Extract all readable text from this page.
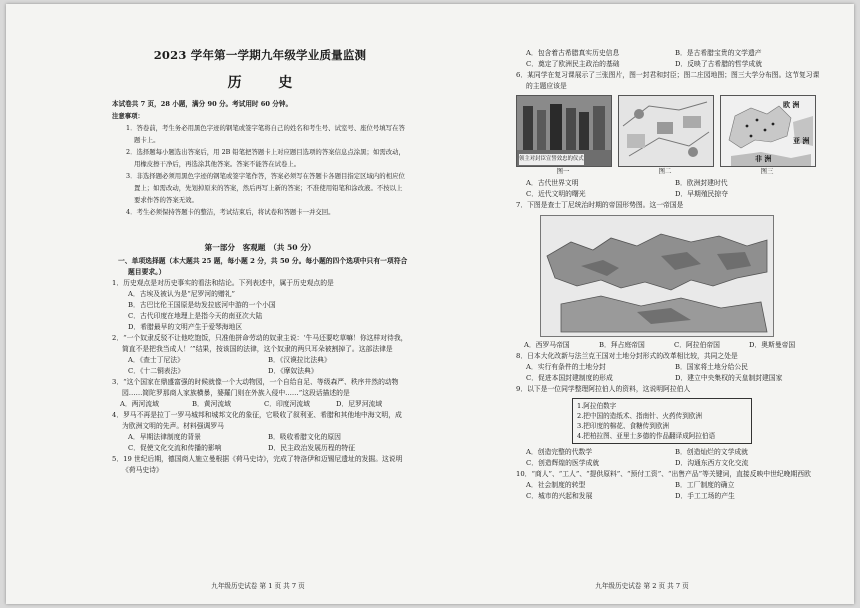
2023 学年第一学期九年级学业质量监测
历 史
本试卷共 7 页，28 小题，满分 90 分。考试用时 60 分钟。
注意事项：
1．答卷前，考生务必用黑色字迹的钢笔或签字笔将自己的姓名和考生号、试室号、座位号填写在答题卡上。
2．选择题每小题选出答案后，用 2B 铅笔把答题卡上对应题目选项的答案信息点涂黑；如需改动，用橡皮擦干净后，再选涂其他答案。答案不能答在试卷上。
3．非选择题必须用黑色字迹的钢笔或签字笔作答，答案必须写在答题卡各题目指定区域内的相应位置上；如需改动，先划掉原来的答案，然后再写上新的答案；不准使用铅笔和涂改液。不按以上要求作答的答案无效。
4．考生必须保持答题卡的整洁，考试结束后，将试卷和答题卡一并交回。
第一部分　客观题　（共 50 分）
一、单项选择题（本大题共 25 题，每小题 2 分，共 50 分。每小题的四个选项中只有一项符合题目要求。）
1．历史观点是对历史事实的看法和结论。下列表述中，属于历史观点的是
A．古埃及被认为是“尼罗河的赠礼”
B．古巴比伦王国原是幼发拉底河中游的一个小国
C．古代印度在地理上是指今天的南亚次大陆
D．希腊最早的文明产生于爱琴海地区
2．“一个奴隶反驳不让他吃饱饭，只准他拼命劳动的奴隶主说：‘牛马还要吃草嘛！你这样对待我，简直不是把我当成人！’”结果，按该国的法律，这个奴隶的两只耳朵被割掉了。这部法律是
A．《查士丁尼法》	B．《汉谟拉比法典》
C．《十二铜表法》	D．《摩奴法典》
3．“这个国家在鼎盛富强的时候就像一个大动物园，一个自给自足、等级森严、秩序井然的动物园……简陀罗那商人家族横暴，婆羅门则在外族入侵中……”这段话描述的是
A．两河流域	B．黄河流域	C．印度河流域	D．尼罗河流域
4．罗马不再是拉丁一罗马城邦和城邦文化的象征，它吸收了叙利亚、希腊和其他地中海文明，成为欧洲文明的先声。材料强调罗马
A．早期法律制度的背景	B．吸收希腊文化的原因
C．促使文化交流和传播的影响	D．民主政治发展历程的特征
5．19 世纪后期，德国商人施立曼根据《荷马史诗》，完成了特洛伊和迈锡尼遗址的发掘。这说明《荷马史诗》
九年级历史试卷 第 1 页 共 7 页
A．包含着古希腊真实历史信息	B．是古希腊宝贵的文学遗产
C．奠定了欧洲民主政治的基础	D．反映了古希腊的哲学成就
6．某同学在复习课展示了三张图片，图一封君和封臣；图二庄园地图；图三大学分布图。这节复习课的主题应该是
领主对封臣宣誓效忠的仪式
图一	图二
欧 洲
非 洲
亚 洲
图三
A．古代世界文明	B．欧洲封建时代
C．近代文明的曙光	D．早期殖民掠夺
7．下图是查士丁尼统治时期的帝国形势图。这一帝国是
A．西罗马帝国	B．拜占庭帝国	C．阿拉伯帝国	D．奥斯曼帝国
8．日本大化改新与法兰克王国对土地分封形式的改革相比较，共同之处是
A．实行有条件的土地分封	B．国家将土地分给公民
C．促进本国封建制度的形成	D．建立中央集权的天皇制封建国家
9．以下是一位同学整理阿拉伯人的资料，这说明阿拉伯人
1.阿拉伯数字
2.把中国的造纸术、指南针、火药传到欧洲
3.把印度的棉花、食糖传到欧洲
4.把柏拉图、亚里士多德的作品翻译成阿拉伯语
A．创造完整的代数学	B．创造灿烂的文学成就
C．创造辉煌的医学成就	D．沟通东西方文化交流
10．“商人”、“工人”、“提供原料”、“预付工资”、“出售产品”等关键词，直接反映中世纪晚期西欧
A．社会制度的转型	B．工厂制度的确立
C．城市的兴起和发展	D．手工工场的产生
九年级历史试卷 第 2 页 共 7 页
